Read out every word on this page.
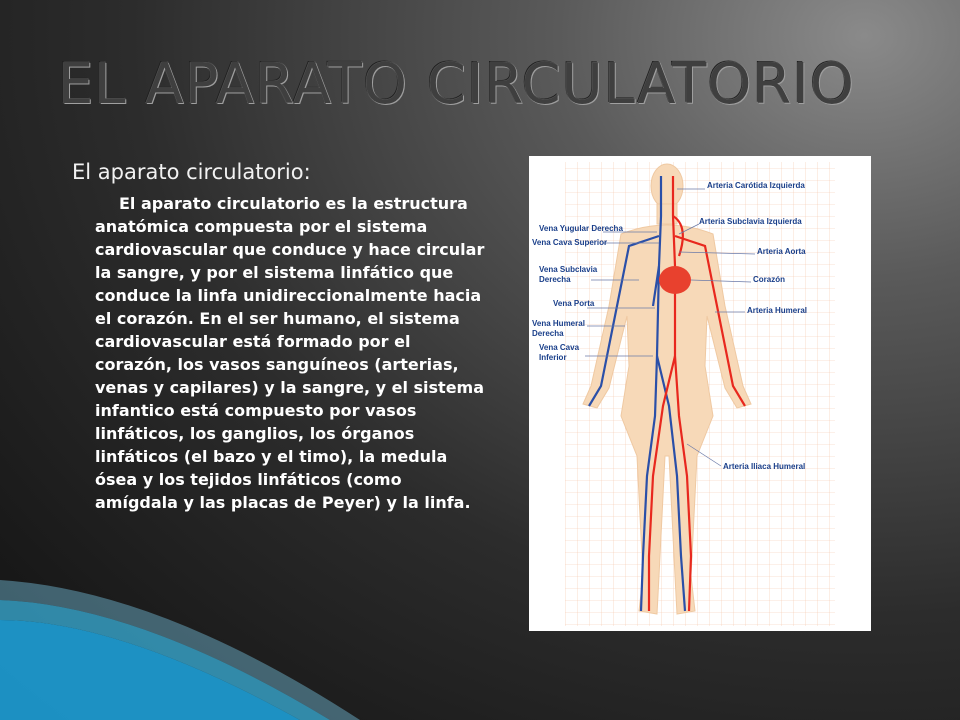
EL APARATO CIRCULATORIO
El aparato circulatorio:

El aparato circulatorio es la estructura anatómica compuesta por el sistema cardiovascular que conduce y hace circular la sangre, y por el sistema linfático que conduce la linfa unidireccionalmente hacia el corazón. En el ser humano, el sistema cardiovascular está formado por el corazón, los vasos sanguíneos (arterias, venas y capilares) y la sangre, y el sistema infantico está compuesto por vasos linfáticos, los ganglios, los órganos linfáticos (el bazo y el timo), la medula ósea y los tejidos linfáticos (como amígdala y las placas de Peyer) y la linfa.

Vena Yugular Derecha
Vena Cava Superior
Vena Subclavia
Derecha
Vena Porta
Vena Humeral
Derecha
Vena Cava
Inferior
Arteria Carótida Izquierda
Arteria Subclavia Izquierda
Arteria Aorta
Corazón
Arteria Humeral
Arteria Iliaca Humeral
